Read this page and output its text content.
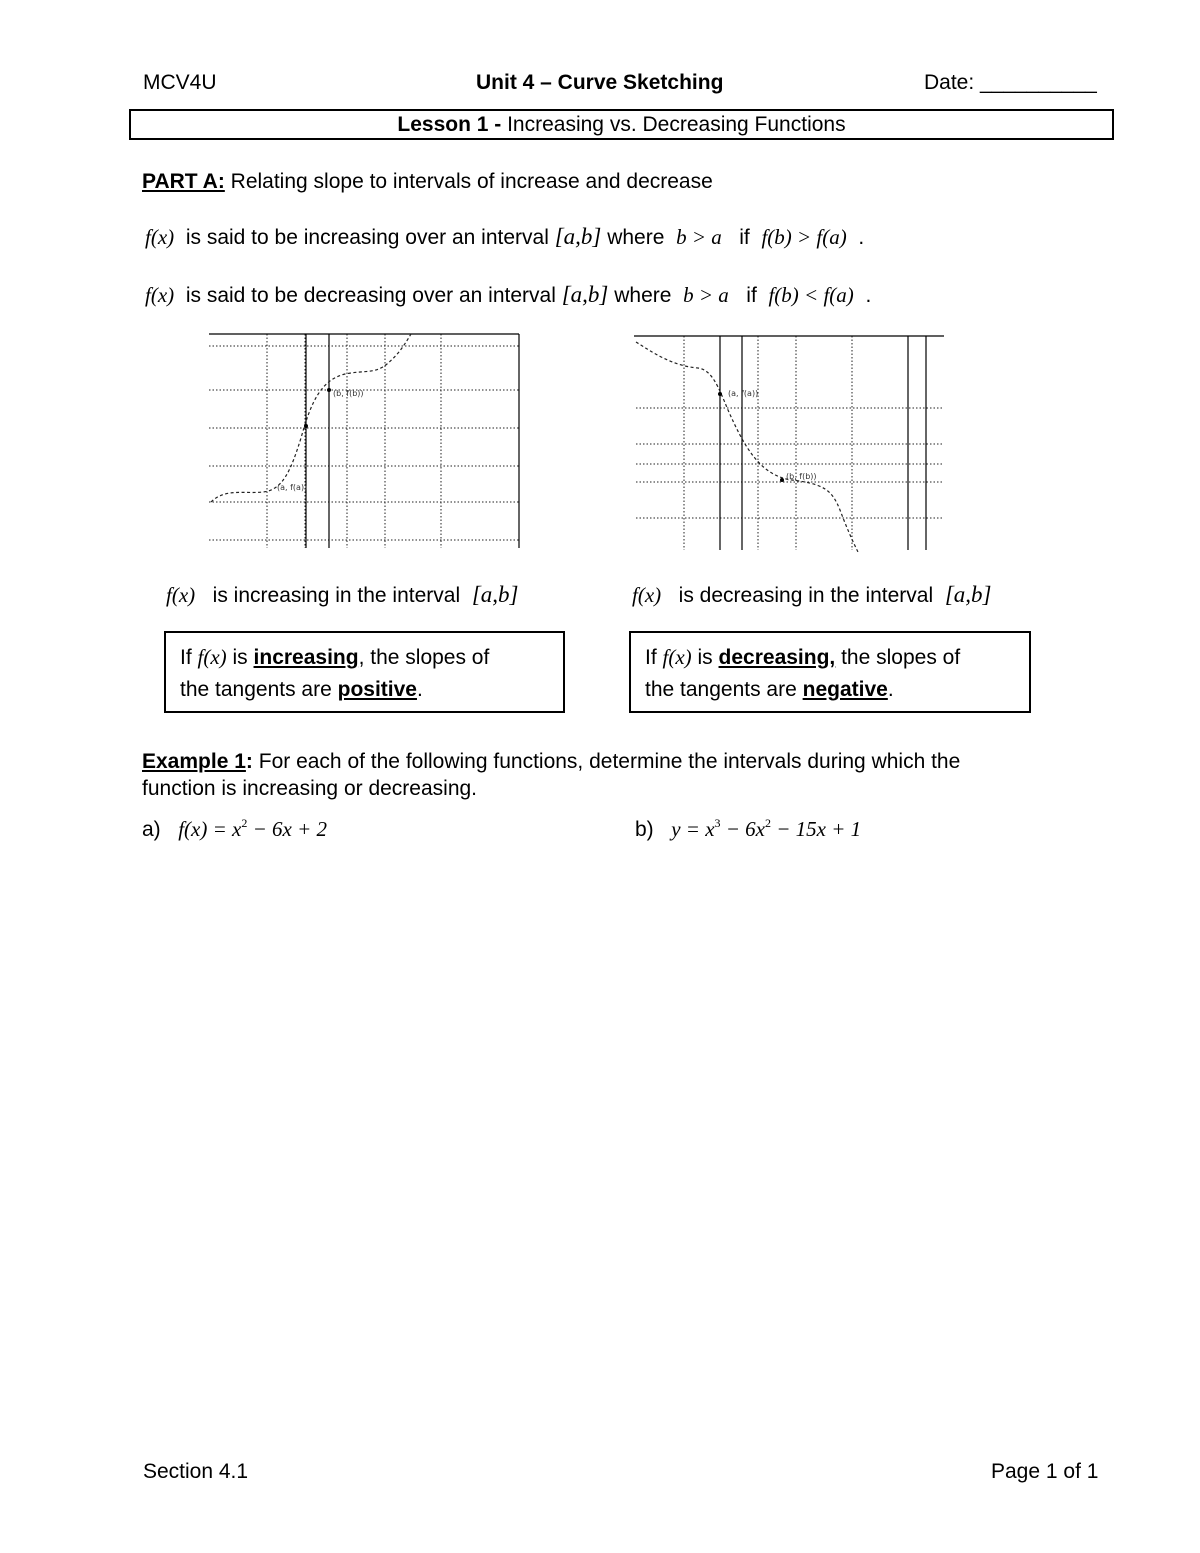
MCV4U	Unit 4 – Curve Sketching	Date: __________
Lesson 1 - Increasing vs. Decreasing Functions
PART A: Relating slope to intervals of increase and decrease
f(x) is said to be increasing over an interval [a,b] where b > a if f(b) > f(a) .
f(x) is said to be decreasing over an interval [a,b] where b > a if f(b) < f(a) .
(a, f(a))
(b, f(b))	(a, f(a))
(b, f(b))
f(x) is increasing in the interval [a,b]	f(x) is decreasing in the interval [a,b]
If f(x) is increasing, the slopes of
the tangents are positive.
If f(x) is decreasing, the slopes of
the tangents are negative.
Example 1: For each of the following functions, determine the intervals during which the
function is increasing or decreasing.
a) $f(x) = x^2 - 6x + 2$	b) $y = x^3 - 6x^2 - 15x + 1$
Section 4.1	Page 1 of 1
